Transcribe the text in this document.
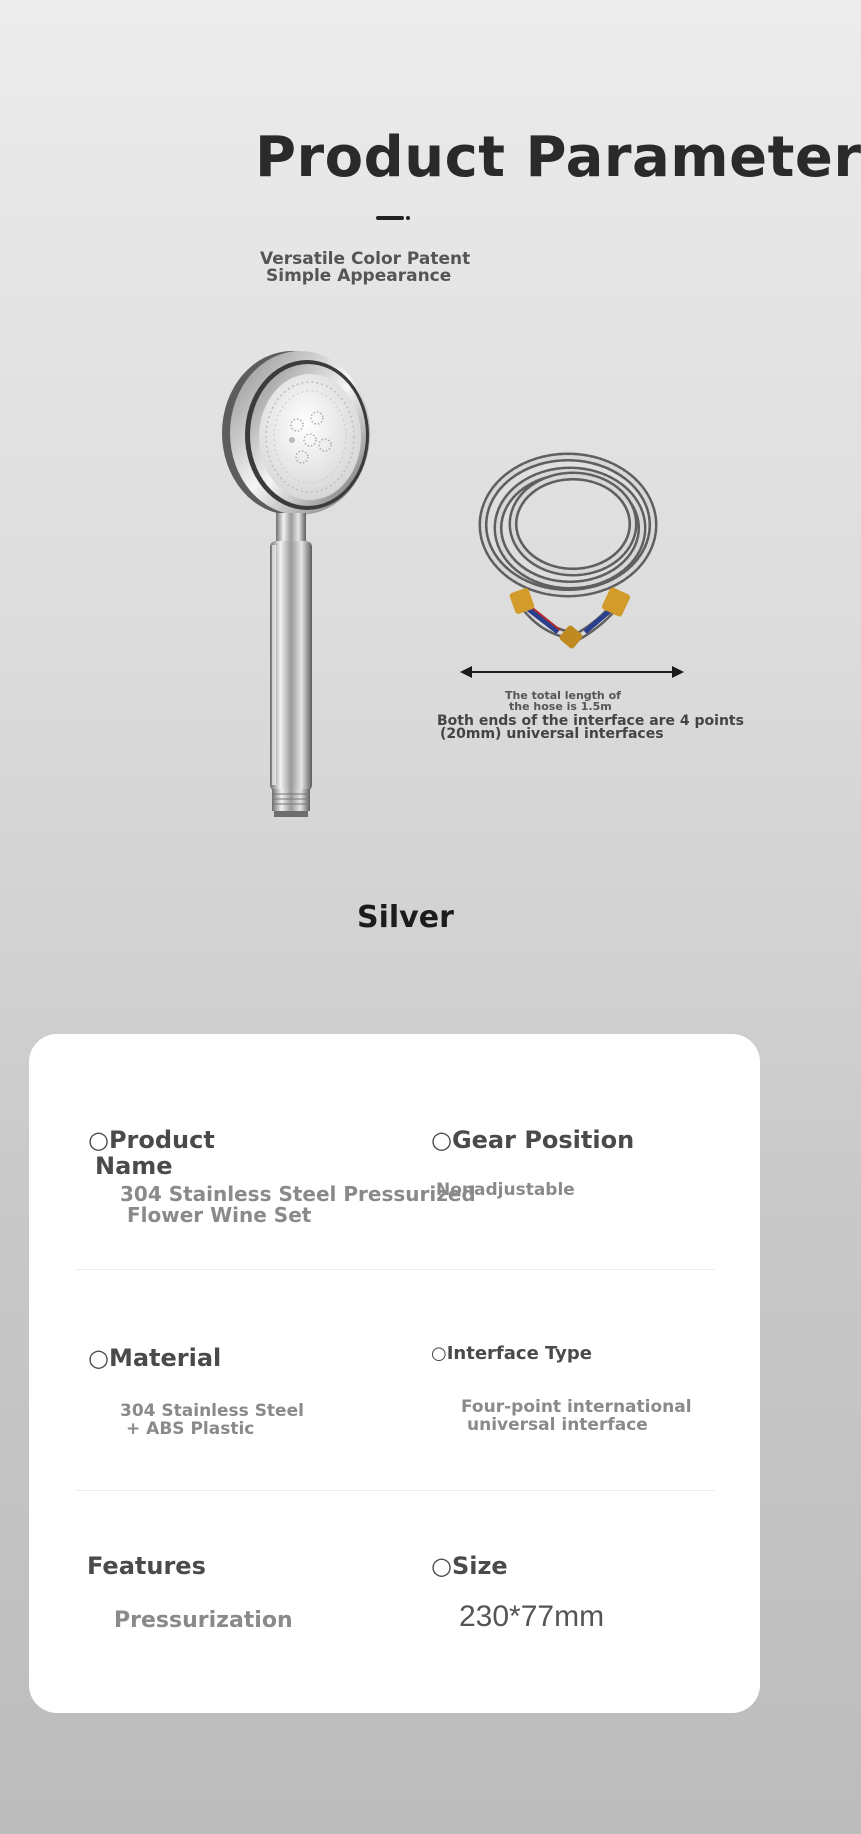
Product Parameter
Versatile Color Patent
Simple Appearance
The total length of
the hose is 1.5m
Both ends of the interface are 4 points
(20mm) universal interfaces
Silver
○Product
Name
304 Stainless Steel Pressurized
Flower Wine Set
○Gear Position
Nonadjustable
○Material
304 Stainless Steel
+ ABS Plastic
○Interface Type
Four-point international
universal interface
Features
Pressurization
○Size
230*77mm
